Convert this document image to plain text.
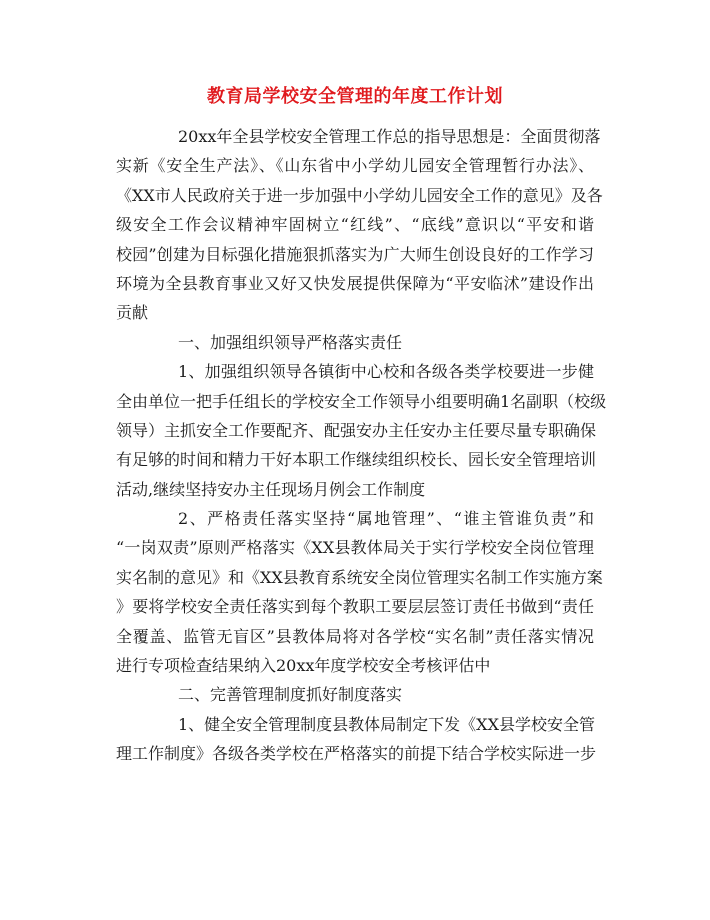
教育局学校安全管理的年度工作计划
20xx年全县学校安全管理工作总的指导思想是：全面贯彻落
实新《安全生产法》、《山东省中小学幼儿园安全管理暂行办法》、
《XX市人民政府关于进一步加强中小学幼儿园安全工作的意见》及各
级安全工作会议精神牢固树立“红线”、“底线”意识以“平安和谐
校园”创建为目标强化措施狠抓落实为广大师生创设良好的工作学习
环境为全县教育事业又好又快发展提供保障为“平安临沭”建设作出
贡献
一、加强组织领导严格落实责任
1、加强组织领导各镇街中心校和各级各类学校要进一步健
全由单位一把手任组长的学校安全工作领导小组要明确1名副职（校级
领导）主抓安全工作要配齐、配强安办主任安办主任要尽量专职确保
有足够的时间和精力干好本职工作继续组织校长、园长安全管理培训
活动,继续坚持安办主任现场月例会工作制度
2、严格责任落实坚持“属地管理”、“谁主管谁负责”和
“一岗双责”原则严格落实《XX县教体局关于实行学校安全岗位管理
实名制的意见》和《XX县教育系统安全岗位管理实名制工作实施方案
》要将学校安全责任落实到每个教职工要层层签订责任书做到“责任
全覆盖、监管无盲区”县教体局将对各学校“实名制”责任落实情况
进行专项检查结果纳入20xx年度学校安全考核评估中
二、完善管理制度抓好制度落实
1、健全安全管理制度县教体局制定下发《XX县学校安全管
理工作制度》各级各类学校在严格落实的前提下结合学校实际进一步
